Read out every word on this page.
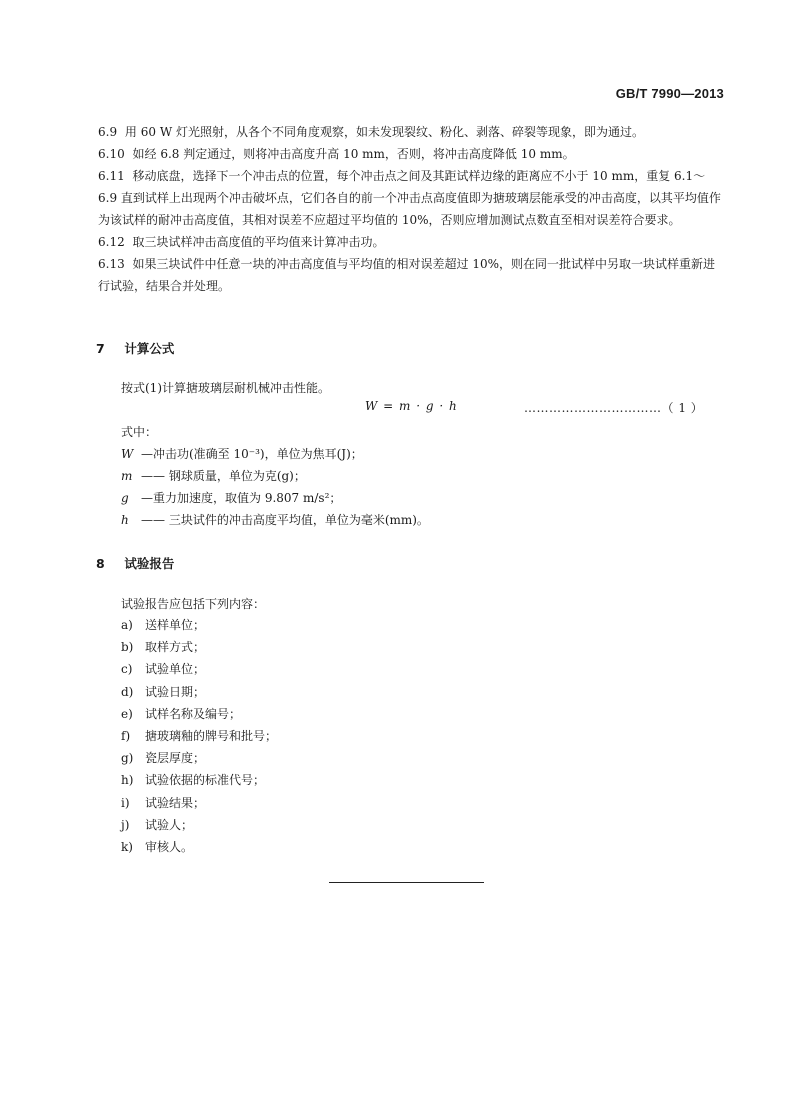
GB/T 7990—2013

6.9 用 60 W 灯光照射，从各个不同角度观察，如未发现裂纹、粉化、剥落、碎裂等现象，即为通过。

6.10 如经 6.8 判定通过，则将冲击高度升高 10 mm，否则，将冲击高度降低 10 mm。

6.11 移动底盘，选择下一个冲击点的位置，每个冲击点之间及其距试样边缘的距离应不小于 10 mm，重复 6.1～6.9 直到试样上出现两个冲击破坏点，它们各自的前一个冲击点高度值即为搪玻璃层能承受的冲击高度，以其平均值作为该试样的耐冲击高度值，其相对误差不应超过平均值的 10%，否则应增加测试点数直至相对误差符合要求。

6.12 取三块试样冲击高度值的平均值来计算冲击功。

6.13 如果三块试件中任意一块的冲击高度值与平均值的相对误差超过 10%，则在同一批试样中另取一块试样重新进行试验，结果合并处理。

7 计算公式
按式(1)计算搪玻璃层耐机械冲击性能。
W = m · g · h	……………………………（ 1 ）
式中：
W —冲击功(准确至 10⁻³)，单位为焦耳(J)；
m —— 钢球质量，单位为克(g)；
g —重力加速度，取值为 9.807 m/s²；
h —— 三块试件的冲击高度平均值，单位为毫米(mm)。
8 试验报告
试验报告应包括下列内容：
a) 送样单位；
b) 取样方式；
c) 试验单位；
d) 试验日期；
e) 试样名称及编号；
f) 搪玻璃釉的牌号和批号；
g) 瓷层厚度；
h) 试验依据的标准代号；
i) 试验结果；
j) 试验人；
k) 审核人。
